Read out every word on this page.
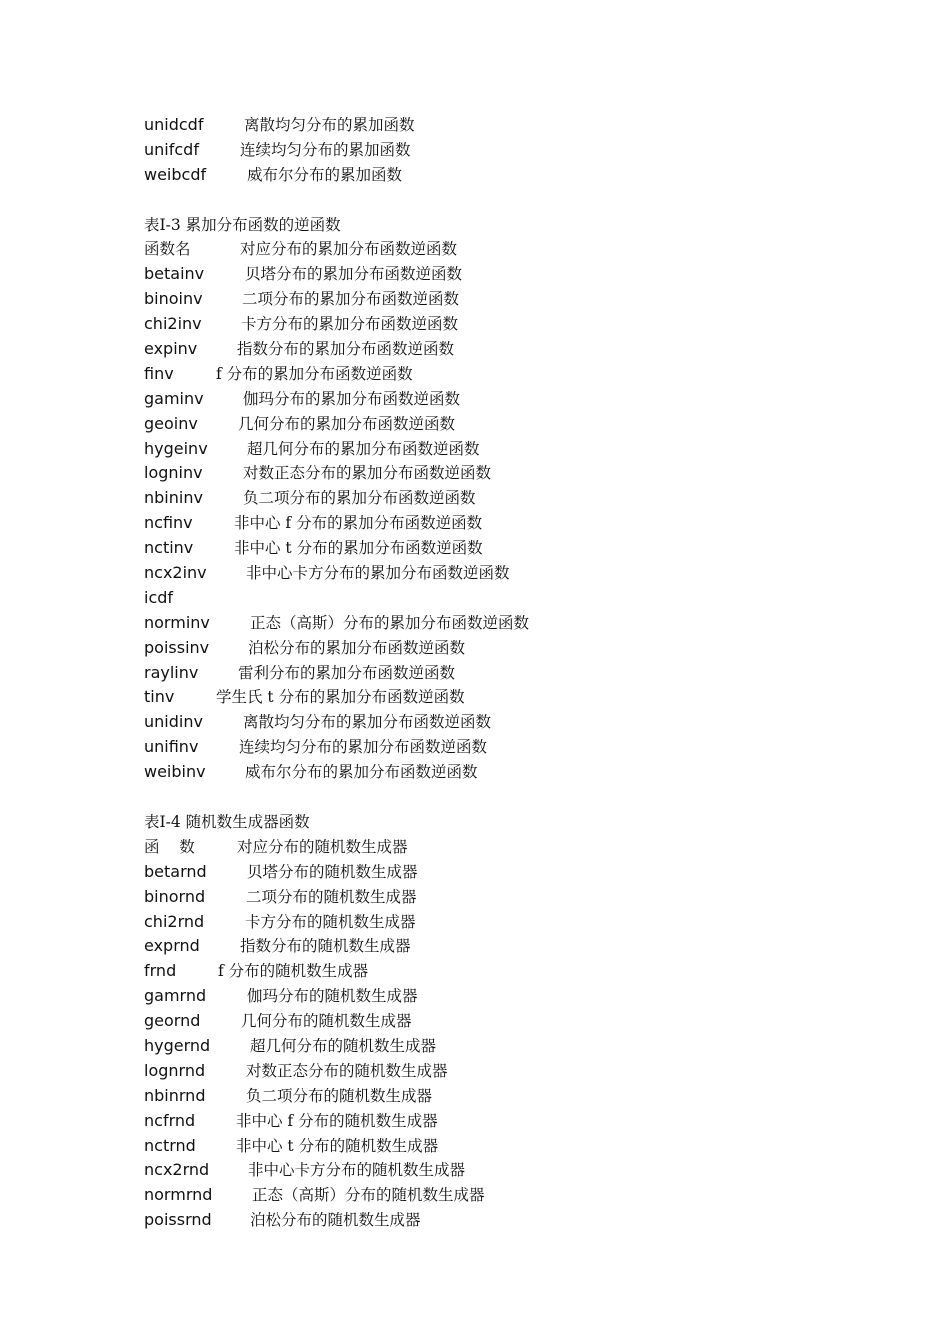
unidcdf	离散均匀分布的累加函数
unifcdf	连续均匀分布的累加函数
weibcdf	威布尔分布的累加函数
表Ⅰ-3 累加分布函数的逆函数
函数名	对应分布的累加分布函数逆函数
betainv	贝塔分布的累加分布函数逆函数
binoinv	二项分布的累加分布函数逆函数
chi2inv	卡方分布的累加分布函数逆函数
expinv	指数分布的累加分布函数逆函数
finv	f 分布的累加分布函数逆函数
gaminv	伽玛分布的累加分布函数逆函数
geoinv	几何分布的累加分布函数逆函数
hygeinv	超几何分布的累加分布函数逆函数
logninv	对数正态分布的累加分布函数逆函数
nbininv	负二项分布的累加分布函数逆函数
ncfinv	非中心 f 分布的累加分布函数逆函数
nctinv	非中心 t 分布的累加分布函数逆函数
ncx2inv	非中心卡方分布的累加分布函数逆函数
icdf
norminv	正态（高斯）分布的累加分布函数逆函数
poissinv	泊松分布的累加分布函数逆函数
raylinv	雷利分布的累加分布函数逆函数
tinv	学生氏 t 分布的累加分布函数逆函数
unidinv	离散均匀分布的累加分布函数逆函数
unifinv	连续均匀分布的累加分布函数逆函数
weibinv	威布尔分布的累加分布函数逆函数
表Ⅰ-4 随机数生成器函数
函    数	对应分布的随机数生成器
betarnd	贝塔分布的随机数生成器
binornd	二项分布的随机数生成器
chi2rnd	卡方分布的随机数生成器
exprnd	指数分布的随机数生成器
frnd	f 分布的随机数生成器
gamrnd	伽玛分布的随机数生成器
geornd	几何分布的随机数生成器
hygernd	超几何分布的随机数生成器
lognrnd	对数正态分布的随机数生成器
nbinrnd	负二项分布的随机数生成器
ncfrnd	非中心 f 分布的随机数生成器
nctrnd	非中心 t 分布的随机数生成器
ncx2rnd	非中心卡方分布的随机数生成器
normrnd	正态（高斯）分布的随机数生成器
poissrnd 泊松分布的随机数生成器
